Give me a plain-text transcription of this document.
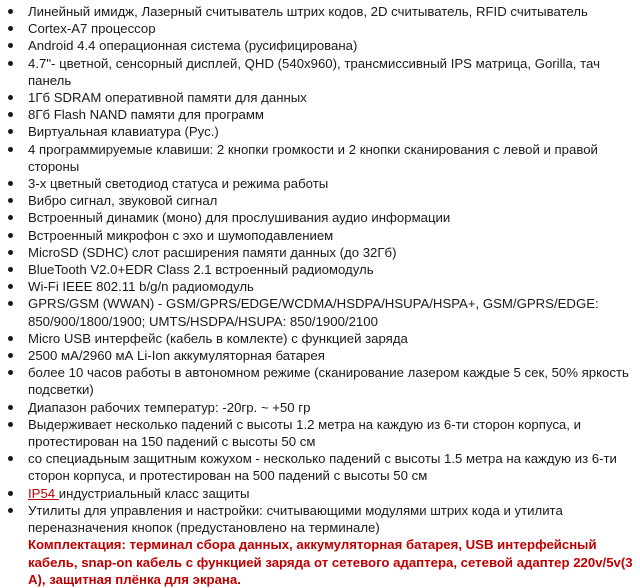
Линейный имидж, Лазерный считыватель штрих кодов, 2D считыватель, RFID считыватель
Cortex-A7 процессор
Android 4.4 операционная система (русифицирована)
4.7"- цветной, сенсорный дисплей, QHD (540x960), трансмиссивный IPS матрица, Gorilla, тач панель
1Гб SDRAM оперативной памяти для данных
8Гб Flash NAND памяти для программ
Виртуальная клавиатура (Рус.)
4 программируемые клавиши: 2 кнопки громкости и 2 кнопки сканирования с левой и правой стороны
3-х цветный светодиод статуса и режима работы
Вибро сигнал, звуковой сигнал
Встроенный динамик (моно) для прослушивания аудио информации
Встроенный микрофон с эхо и шумоподавлением
MicroSD (SDHC) слот расширения памяти данных (до 32Гб)
BlueTooth V2.0+EDR Class 2.1 встроенный радиомодуль
Wi-Fi IEEE 802.11 b/g/n радиомодуль
GPRS/GSM (WWAN) - GSM/GPRS/EDGE/WCDMA/HSDPA/HSUPA/HSPA+, GSM/GPRS/EDGE: 850/900/1800/1900; UMTS/HSDPA/HSUPA: 850/1900/2100
Micro USB интерфейс (кабель в комлекте) с функцией заряда
2500 мА/2960 мА Li-Ion аккумуляторная батарея
более 10 часов работы в автономном режиме (сканирование лазером каждые 5 сек, 50% яркость подсветки)
Диапазон рабочих температур: -20гр. ~ +50 гр
Выдерживает несколько падений с высоты 1.2 метра на каждую из 6-ти сторон корпуса, и протестирован на 150 падений с высоты 50 см
со специадьным защитным кожухом - несколько падений с высоты 1.5 метра на каждую из 6-ти сторон корпуса, и протестирован на 500 падений с высоты 50 см
IP54 индустриальный класс защиты
Утилиты для управления и настройки: считывающими модулями штрих кода и утилита переназначения кнопок (предустановлено на терминале)

Комплектация: терминал сбора данных, аккумуляторная батарея, USB интерфейсный кабель, snap-on кабель с функцией заряда от сетевого адаптера, сетевой адаптер 220v/5v(3 A), защитная плёнка для экрана.
